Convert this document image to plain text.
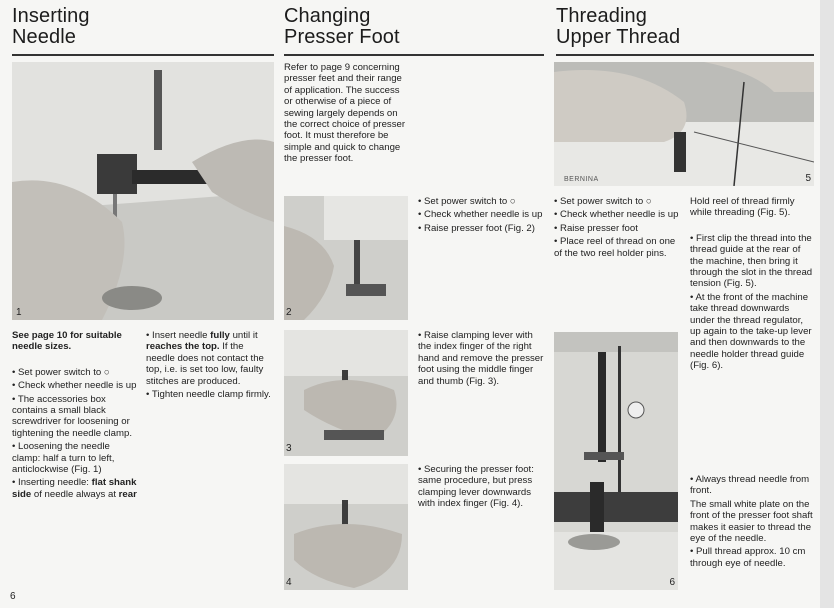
Inserting
Needle
Changing
Presser Foot
Threading
Upper Thread
1	2
3
4
BERNINA	5
6

See page 10 for suitable needle sizes.

• Set power switch to ○

• Check whether needle is up

• The accessories box contains a small black screwdriver for loosening or tightening the needle clamp.

• Loosening the needle clamp: half a turn to left, anticlockwise (Fig. 1)

• Inserting needle: flat shank side of needle always at rear

• Insert needle fully until it reaches the top. If the needle does not contact the top, i.e. is set too low, faulty stitches are produced.

• Tighten needle clamp firmly.

Refer to page 9 concerning presser feet and their range of application. The success or otherwise of a piece of sewing largely depends on the correct choice of presser foot. It must therefore be simple and quick to change the presser foot.

• Set power switch to ○

• Check whether needle is up

• Raise presser foot (Fig. 2)

• Raise clamping lever with the index finger of the right hand and remove the presser foot using the middle finger and thumb (Fig. 3).

• Securing the presser foot: same procedure, but press clamping lever downwards with index finger (Fig. 4).

• Set power switch to ○

• Check whether needle is up

• Raise presser foot

• Place reel of thread on one of the two reel holder pins.

Hold reel of thread firmly while threading (Fig. 5).

• First clip the thread into the thread guide at the rear of the machine, then bring it through the slot in the thread tension (Fig. 5).

• At the front of the machine take thread downwards under the thread regulator, up again to the take-up lever and then downwards to the needle holder thread guide (Fig. 6).

• Always thread needle from front.

The small white plate on the front of the presser foot shaft makes it easier to thread the eye of the needle.

• Pull thread approx. 10 cm through eye of needle.

6
